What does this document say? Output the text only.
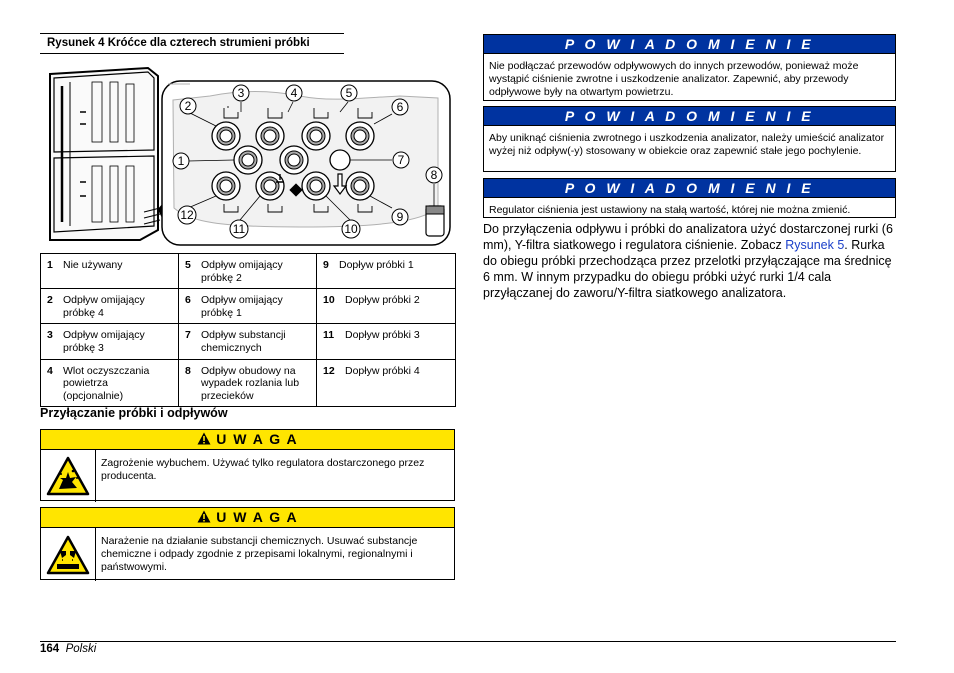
Rysunek 4 Króćce dla czterech strumieni próbki
2
3	4	5
6
1	7
8
12
11	10
9
1 Nie używany	5 Odpływ omijający próbkę 2	9 Dopływ próbki 1
2 Odpływ omijający próbkę 4	6 Odpływ omijający próbkę 1	10 Dopływ próbki 2
3 Odpływ omijający próbkę 3	7 Odpływ substancji chemicznych	11 Dopływ próbki 3
4 Wlot oczyszczania powietrza (opcjonalnie)	8 Odpływ obudowy na wypadek rozlania lub przecieków	12 Dopływ próbki 4
Przyłączanie próbki i odpływów
U W A G A
Zagrożenie wybuchem. Używać tylko regulatora dostarczonego przez producenta.
U W A G A
Narażenie na działanie substancji chemicznych. Usuwać substancje chemiczne i odpady zgodnie z przepisami lokalnymi, regionalnymi i państwowymi.
P O W I A D O M I E N I E
Nie podłączać przewodów odpływowych do innych przewodów, ponieważ może wystąpić ciśnienie zwrotne i uszkodzenie analizator. Zapewnić, aby przewody odpływowe były na otwartym powietrzu.
P O W I A D O M I E N I E
Aby uniknąć ciśnienia zwrotnego i uszkodzenia analizator, należy umieścić analizator wyżej niż odpływ(-y) stosowany w obiekcie oraz zapewnić stałe jego pochylenie.
P O W I A D O M I E N I E
Regulator ciśnienia jest ustawiony na stałą wartość, której nie można zmienić.
Do przyłączenia odpływu i próbki do analizatora użyć dostarczonej rurki (6 mm), Y-filtra siatkowego i regulatora ciśnienie. Zobacz Rysunek 5. Rurka do obiegu próbki przechodząca przez przelotki przyłączające ma średnicę 6 mm. W innym przypadku do obiegu próbki użyć rurki 1/4 cala przyłączanej do zaworu/Y-filtra siatkowego analizatora.
164 Polski
